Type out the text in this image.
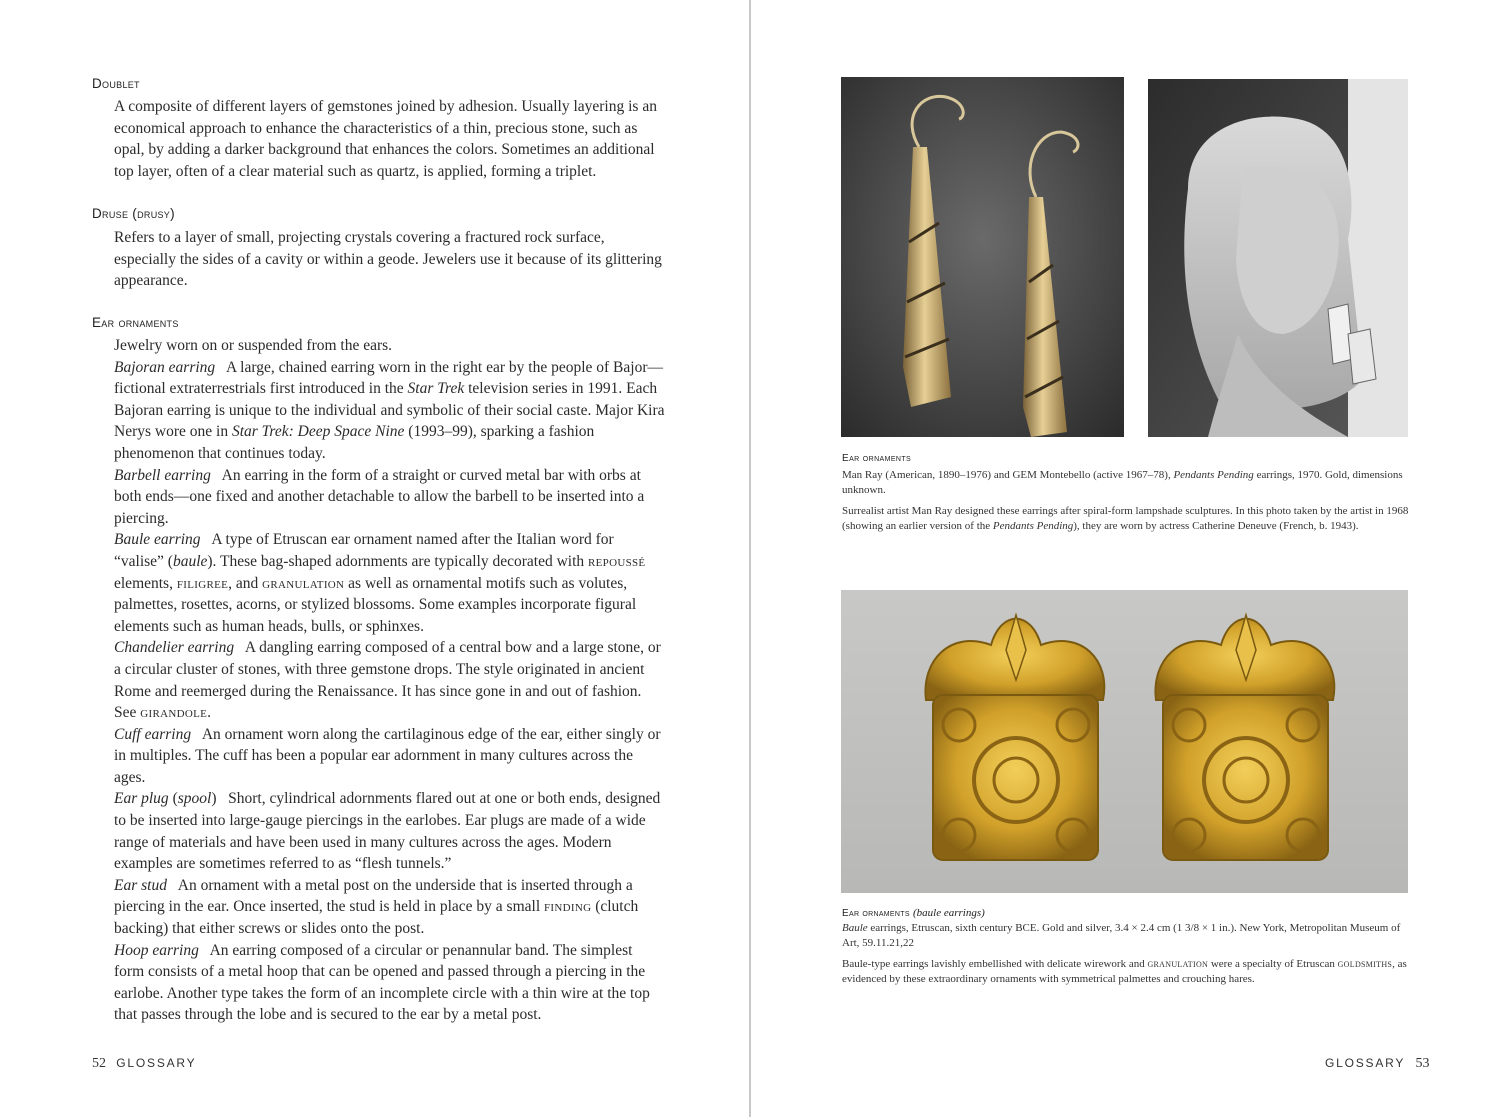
Doublet

A composite of different layers of gemstones joined by adhesion. Usually layering is an economical approach to enhance the characteristics of a thin, precious stone, such as opal, by adding a darker background that enhances the colors. Sometimes an additional top layer, often of a clear material such as quartz, is applied, forming a triplet.

Druse (drusy)

Refers to a layer of small, projecting crystals covering a fractured rock surface, especially the sides of a cavity or within a geode. Jewelers use it because of its glittering appearance.

Ear ornaments

Jewelry worn on or suspended from the ears.

Bajoran earring A large, chained earring worn in the right ear by the people of Bajor—fictional extraterrestrials first introduced in the Star Trek television series in 1991. Each Bajoran earring is unique to the individual and symbolic of their social caste. Major Kira Nerys wore one in Star Trek: Deep Space Nine (1993–99), sparking a fashion phenomenon that continues today.

Barbell earring An earring in the form of a straight or curved metal bar with orbs at both ends—one fixed and another detachable to allow the barbell to be inserted into a piercing.

Baule earring A type of Etruscan ear ornament named after the Italian word for “valise” (baule). These bag-shaped adornments are typically decorated with repoussé elements, filigree, and granulation as well as ornamental motifs such as volutes, palmettes, rosettes, acorns, or stylized blossoms. Some examples incorporate figural elements such as human heads, bulls, or sphinxes.

Chandelier earring A dangling earring composed of a central bow and a large stone, or a circular cluster of stones, with three gemstone drops. The style originated in ancient Rome and reemerged during the Renaissance. It has since gone in and out of fashion. See girandole.

Cuff earring An ornament worn along the cartilaginous edge of the ear, either singly or in multiples. The cuff has been a popular ear adornment in many cultures across the ages.

Ear plug (spool) Short, cylindrical adornments flared out at one or both ends, designed to be inserted into large-gauge piercings in the earlobes. Ear plugs are made of a wide range of materials and have been used in many cultures across the ages. Modern examples are sometimes referred to as “flesh tunnels.”

Ear stud An ornament with a metal post on the underside that is inserted through a piercing in the ear. Once inserted, the stud is held in place by a small finding (clutch backing) that either screws or slides onto the post.

Hoop earring An earring composed of a circular or penannular band. The simplest form consists of a metal hoop that can be opened and passed through a piercing in the earlobe. Another type takes the form of an incomplete circle with a thin wire at the top that passes through the lobe and is secured to the ear by a metal post.

52 GLOSSARY
Ear ornaments

Man Ray (American, 1890–1976) and GEM Montebello (active 1967–78), Pendants Pending earrings, 1970. Gold, dimensions unknown.

Surrealist artist Man Ray designed these earrings after spiral-form lampshade sculptures. In this photo taken by the artist in 1968 (showing an earlier version of the Pendants Pending), they are worn by actress Catherine Deneuve (French, b. 1943).

Ear ornaments (baule earrings)

Baule earrings, Etruscan, sixth century BCE. Gold and silver, 3.4 × 2.4 cm (1 3/8 × 1 in.). New York, Metropolitan Museum of Art, 59.11.21,22

Baule-type earrings lavishly embellished with delicate wirework and granulation were a specialty of Etruscan goldsmiths, as evidenced by these extraordinary ornaments with symmetrical palmettes and crouching hares.

GLOSSARY 53
